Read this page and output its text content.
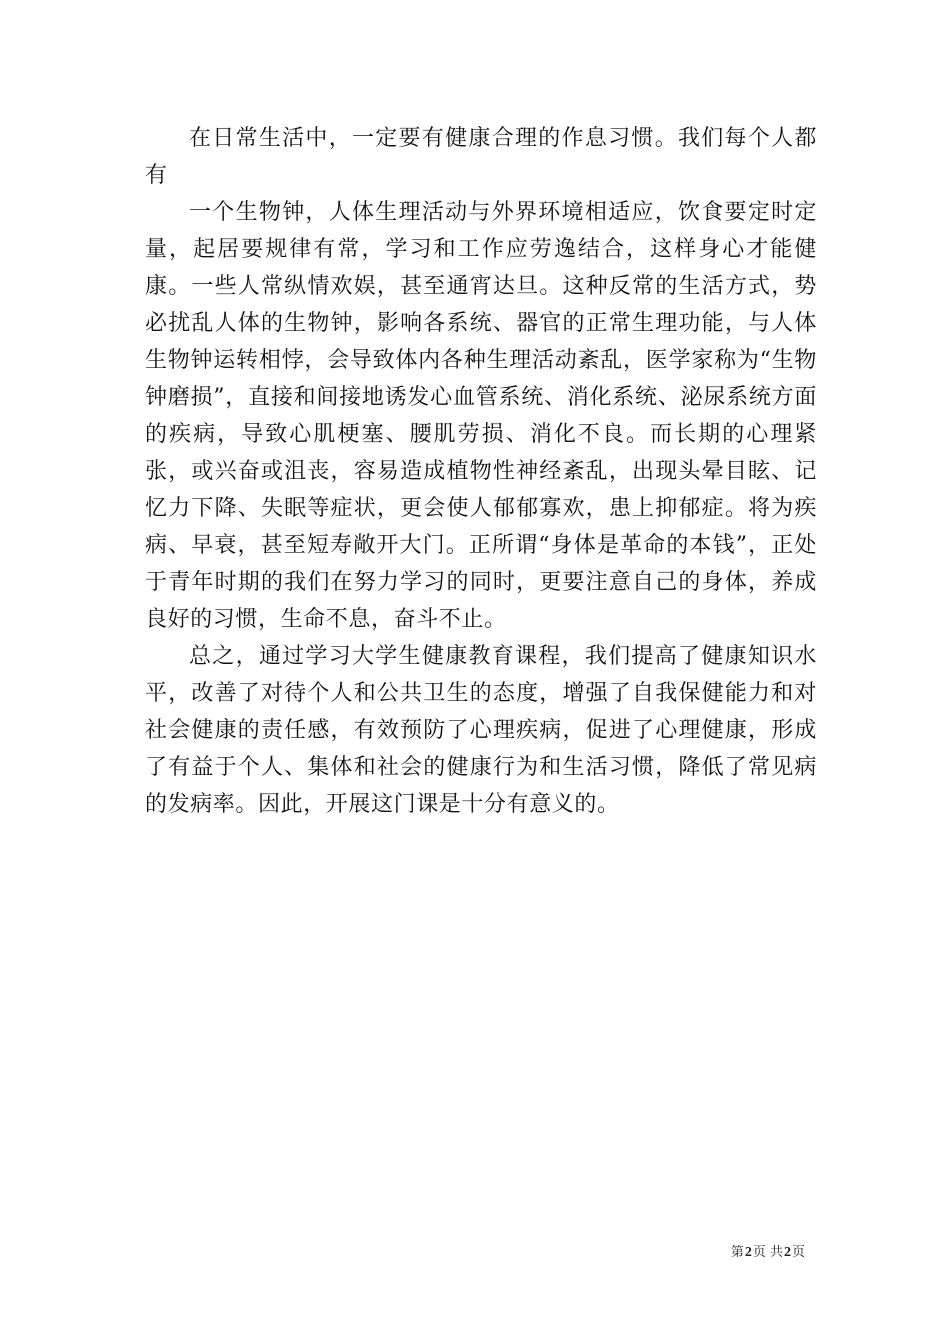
在日常生活中，一定要有健康合理的作息习惯。我们每个人都有

一个生物钟，人体生理活动与外界环境相适应，饮食要定时定量，起居要规律有常，学习和工作应劳逸结合，这样身心才能健康。一些人常纵情欢娱，甚至通宵达旦。这种反常的生活方式，势必扰乱人体的生物钟，影响各系统、器官的正常生理功能，与人体生物钟运转相悖，会导致体内各种生理活动紊乱，医学家称为“生物钟磨损”，直接和间接地诱发心血管系统、消化系统、泌尿系统方面的疾病，导致心肌梗塞、腰肌劳损、消化不良。而长期的心理紧张，或兴奋或沮丧，容易造成植物性神经紊乱，出现头晕目眩、记忆力下降、失眠等症状，更会使人郁郁寡欢，患上抑郁症。将为疾病、早衰，甚至短寿敞开大门。正所谓“身体是革命的本钱”，正处于青年时期的我们在努力学习的同时，更要注意自己的身体，养成良好的习惯，生命不息，奋斗不止。

总之，通过学习大学生健康教育课程，我们提高了健康知识水平，改善了对待个人和公共卫生的态度，增强了自我保健能力和对社会健康的责任感，有效预防了心理疾病，促进了心理健康，形成了有益于个人、集体和社会的健康行为和生活习惯，降低了常见病的发病率。因此，开展这门课是十分有意义的。

第2页 共2页
